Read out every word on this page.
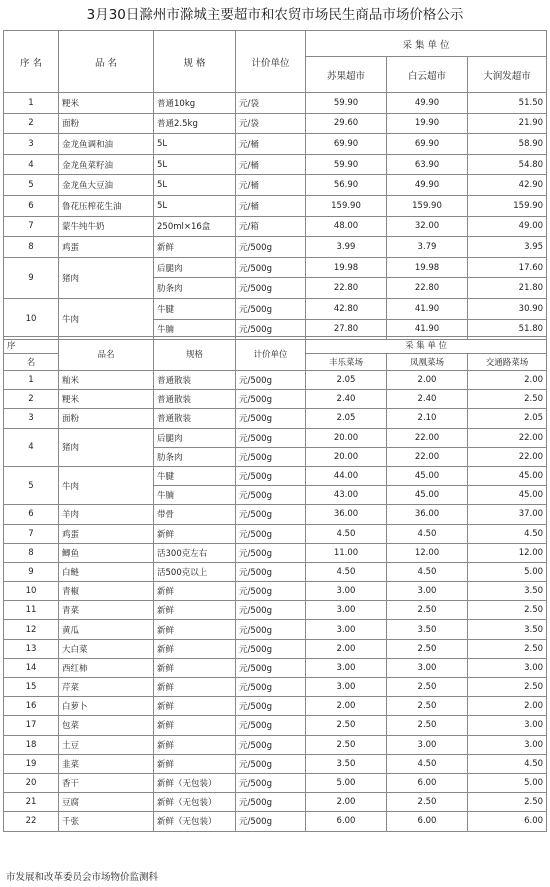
3月30日滁州市滁城主要超市和农贸市场民生商品市场价格公示
序 名	品 名	规 格	计价单位	采 集 单 位		
				苏果超市	白云超市	大润发超市
1	粳米	普通10kg	元/袋	59.90	49.90	51.50
2	面粉	普通2.5kg	元/袋	29.60	19.90	21.90
3	金龙鱼调和油	5L	元/桶	69.90	69.90	58.90
4	金龙鱼菜籽油	5L	元/桶	59.90	63.90	54.80
5	金龙鱼大豆油	5L	元/桶	56.90	49.90	42.90
6	鲁花压榨花生油	5L	元/桶	159.90	159.90	159.90
7	蒙牛纯牛奶	250ml×16盒	元/箱	48.00	32.00	49.00
8	鸡蛋	新鲜	元/500g	3.99	3.79	3.95
9	猪肉	后腿肉	元/500g	19.98	19.98	17.60
		肋条肉	元/500g	22.80	22.80	21.80
10	牛肉	牛腱	元/500g	42.80	41.90	30.90
		牛腩	元/500g	27.80	41.90	51.80
序	品名	规格	计价单位	采 集 单 位		
名				丰乐菜场	凤凰菜场	交通路菜场
1	籼米	普通散装	元/500g	2.05	2.00	2.00
2	粳米	普通散装	元/500g	2.40	2.40	2.50
3	面粉	普通散装	元/500g	2.05	2.10	2.05
4	猪肉	后腿肉	元/500g	20.00	22.00	22.00
		肋条肉	元/500g	20.00	22.00	22.00
5	牛肉	牛腱	元/500g	44.00	45.00	45.00
		牛腩	元/500g	43.00	45.00	45.00
6	羊肉	带骨	元/500g	36.00	36.00	37.00
7	鸡蛋	新鲜	元/500g	4.50	4.50	4.50
8	鲫鱼	活300克左右	元/500g	11.00	12.00	12.00
9	白鲢	活500克以上	元/500g	4.50	4.50	5.00
10	青椒	新鲜	元/500g	3.00	3.00	3.50
11	青菜	新鲜	元/500g	3.00	2.50	2.50
12	黄瓜	新鲜	元/500g	3.00	3.50	3.50
13	大白菜	新鲜	元/500g	2.00	2.50	2.50
14	西红柿	新鲜	元/500g	3.00	3.00	3.00
15	芹菜	新鲜	元/500g	3.00	2.50	2.50
16	白萝卜	新鲜	元/500g	2.00	2.50	2.00
17	包菜	新鲜	元/500g	2.50	2.50	3.00
18	土豆	新鲜	元/500g	2.50	3.00	3.00
19	韭菜	新鲜	元/500g	3.50	4.50	4.50
20	香干	新鲜（无包装）	元/500g	5.00	6.00	5.00
21	豆腐	新鲜（无包装）	元/500g	2.00	2.50	2.50
22	千张	新鲜（无包装）	元/500g	6.00	6.00	6.00
市发展和改革委员会市场物价监测科
